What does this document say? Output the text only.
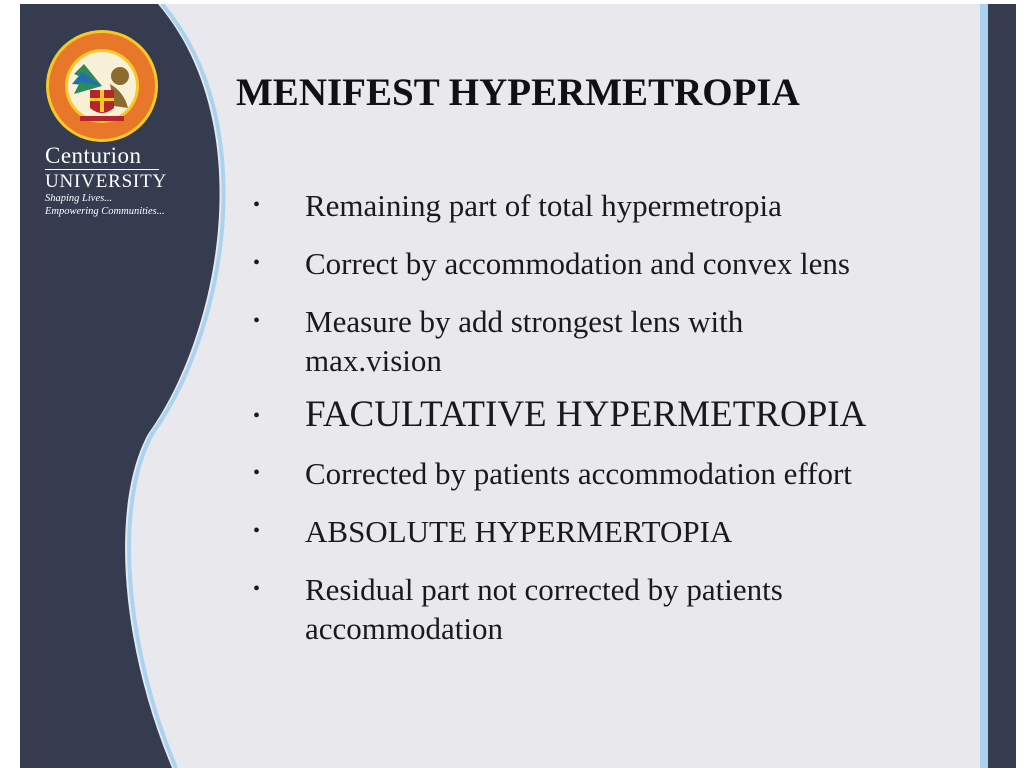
Centurion
UNIVERSITY
Shaping Lives...
Empowering Communities...
MENIFEST HYPERMETROPIA
• Remaining part of total hypermetropia
• Correct by accommodation and convex lens
• Measure by add strongest lens with max.vision
• FACULTATIVE HYPERMETROPIA
• Corrected by patients accommodation effort
• ABSOLUTE HYPERMERTOPIA
• Residual part not corrected by patients accommodation
